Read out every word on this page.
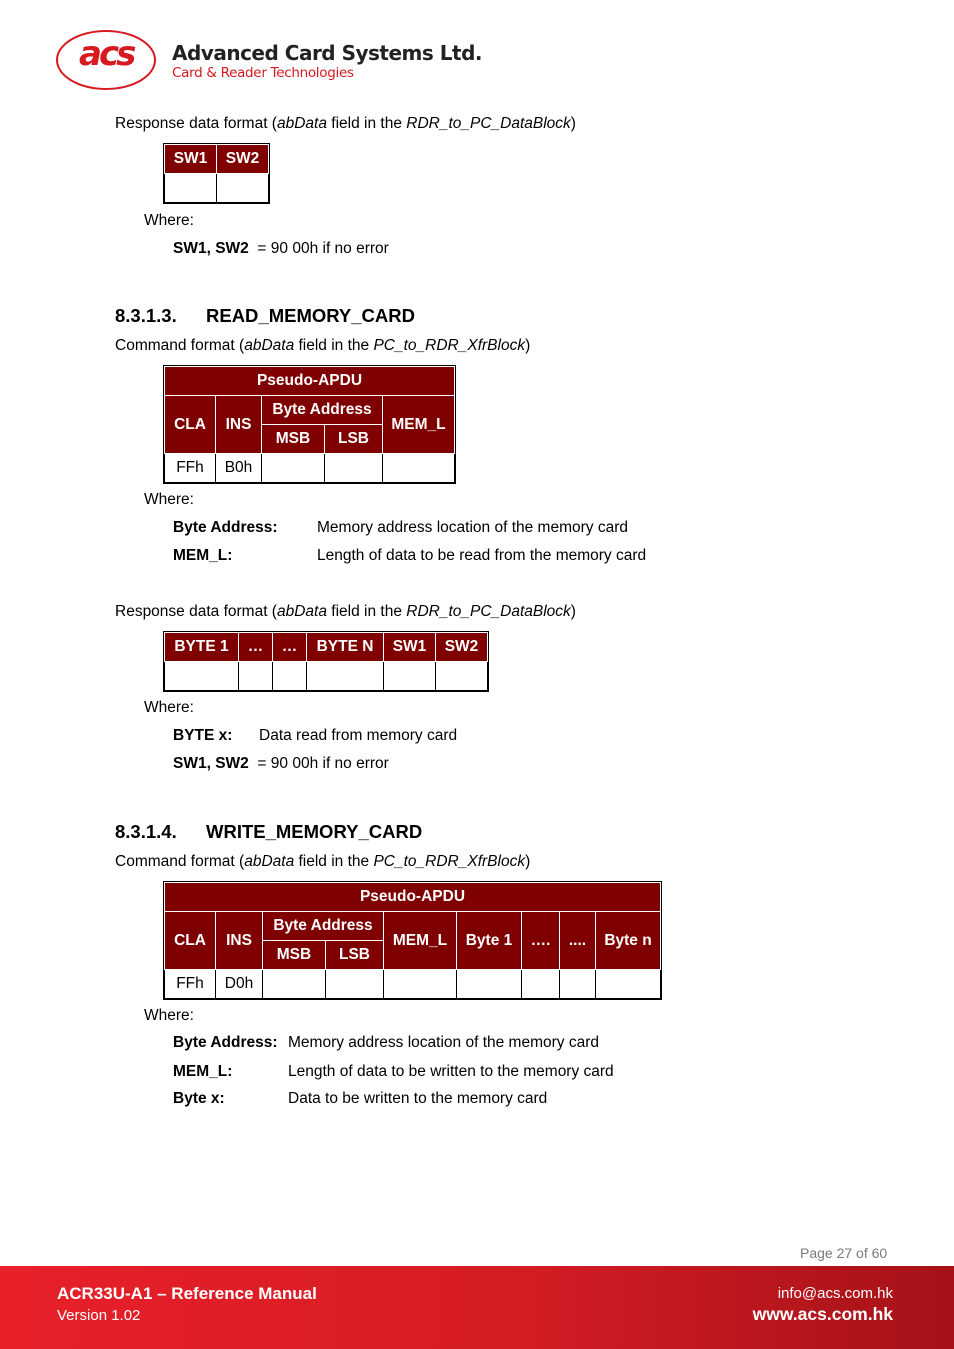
acs Advanced Card Systems Ltd.
Card & Reader Technologies
Response data format (abData field in the RDR_to_PC_DataBlock)
SW1	SW2

Where:
SW1, SW2 = 90 00h if no error
8.3.1.3. READ_MEMORY_CARD
Command format (abData field in the PC_to_RDR_XfrBlock)
Pseudo-APDU				
CLA	INS	Byte Address		MEM_L
		MSB	LSB	
FFh	B0h			
Where:
Byte Address:	Memory address location of the memory card
MEM_L:	Length of data to be read from the memory card
Response data format (abData field in the RDR_to_PC_DataBlock)
BYTE 1	…	…	BYTE N	SW1	SW2

Where:
BYTE x: Data read from memory card
SW1, SW2 = 90 00h if no error
8.3.1.4. WRITE_MEMORY_CARD
Command format (abData field in the PC_to_RDR_XfrBlock)
Pseudo-APDU								
CLA	INS	Byte Address		MEM_L	Byte 1	….	....	Byte n
		MSB	LSB					
FFh	D0h							
Where:
Byte Address: Memory address location of the memory card
MEM_L:	Length of data to be written to the memory card
Byte x:	Data to be written to the memory card
Page 27 of 60
ACR33U-A1 – Reference Manual
Version 1.02
info@acs.com.hk
www.acs.com.hk
